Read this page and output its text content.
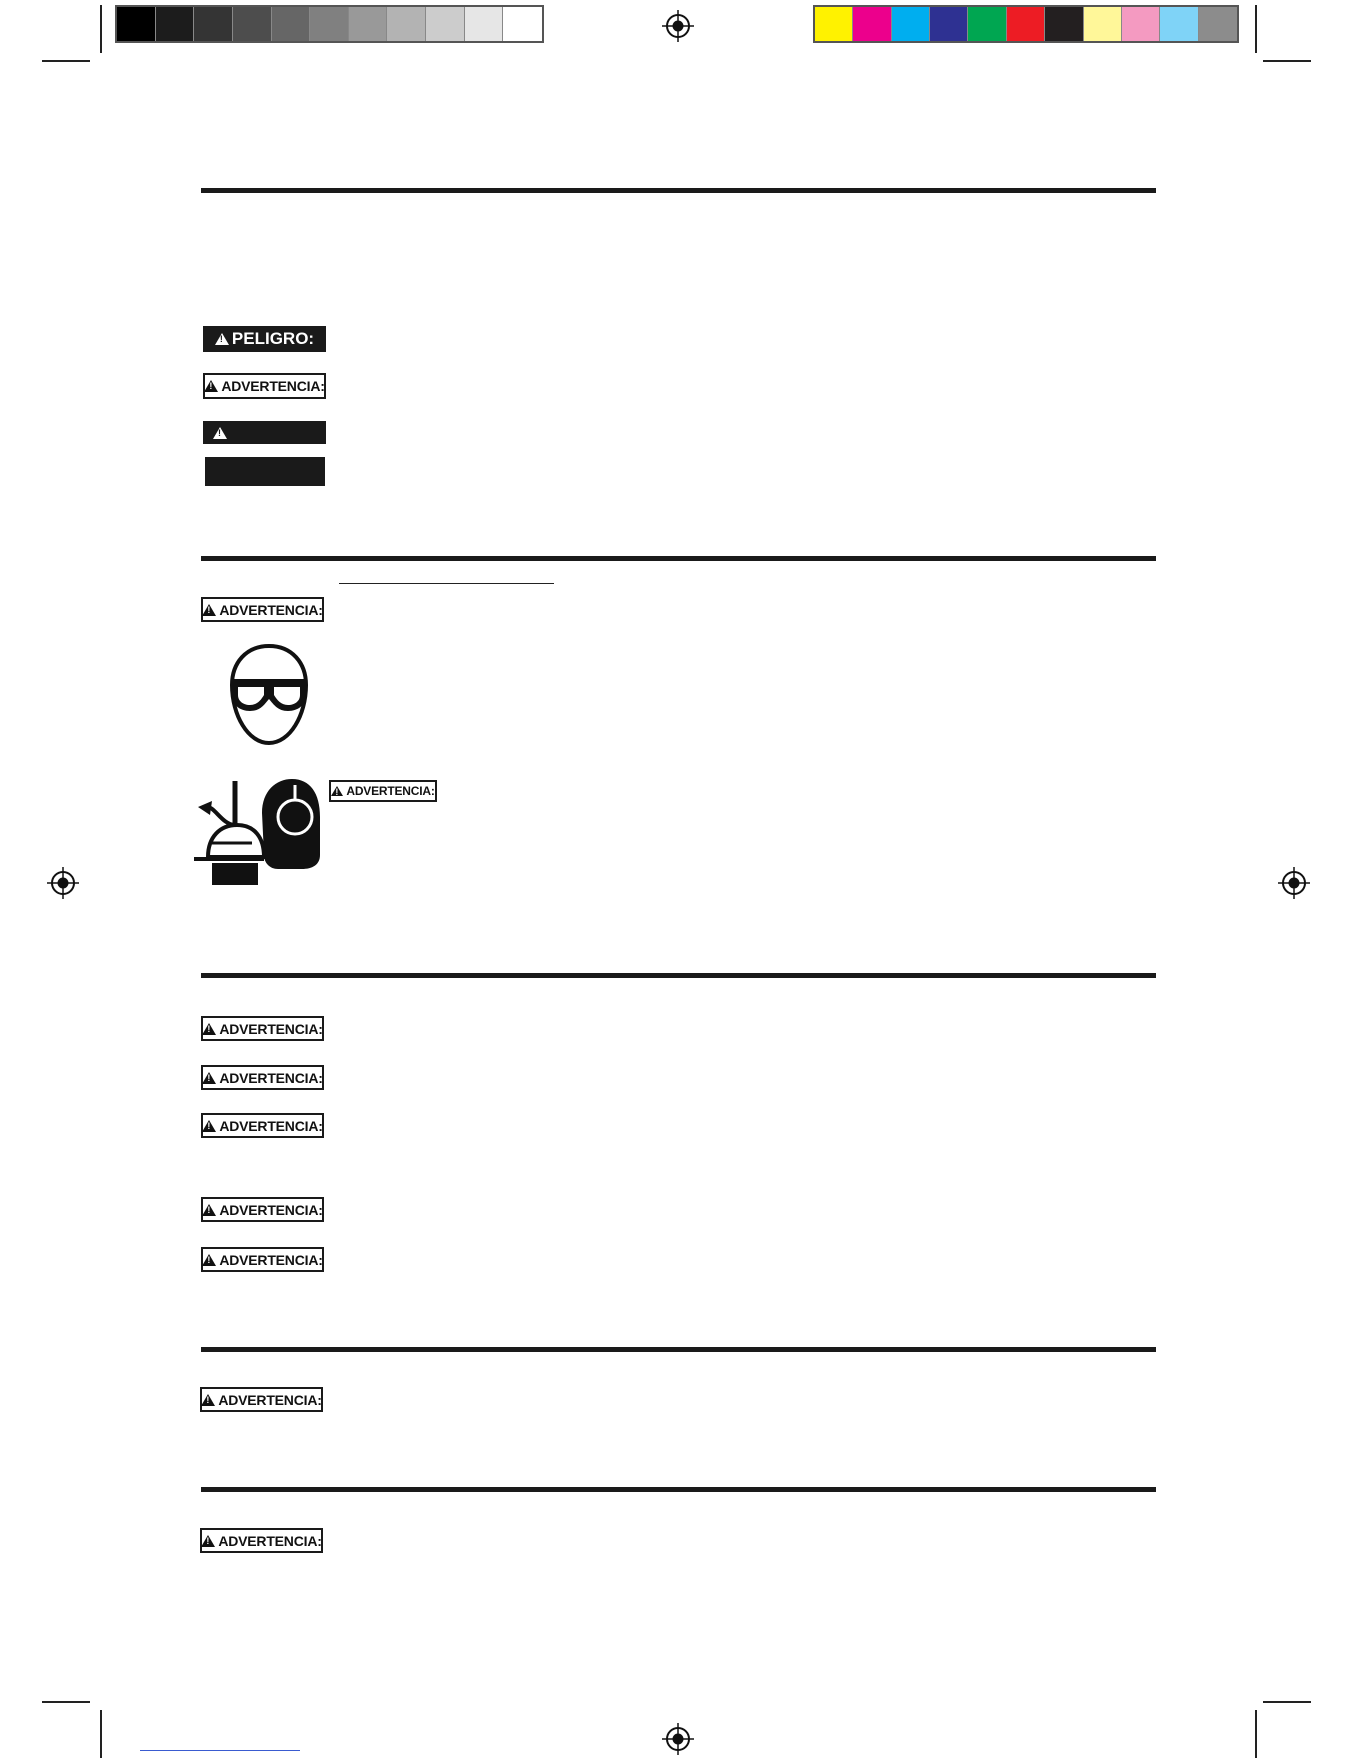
!
PELIGRO:
!
ADVERTENCIA:
!
!
ADVERTENCIA:
!
ADVERTENCIA:
!
ADVERTENCIA:
!
ADVERTENCIA:
!
ADVERTENCIA:
!
ADVERTENCIA:
!
ADVERTENCIA:
!
ADVERTENCIA:
!
ADVERTENCIA:
